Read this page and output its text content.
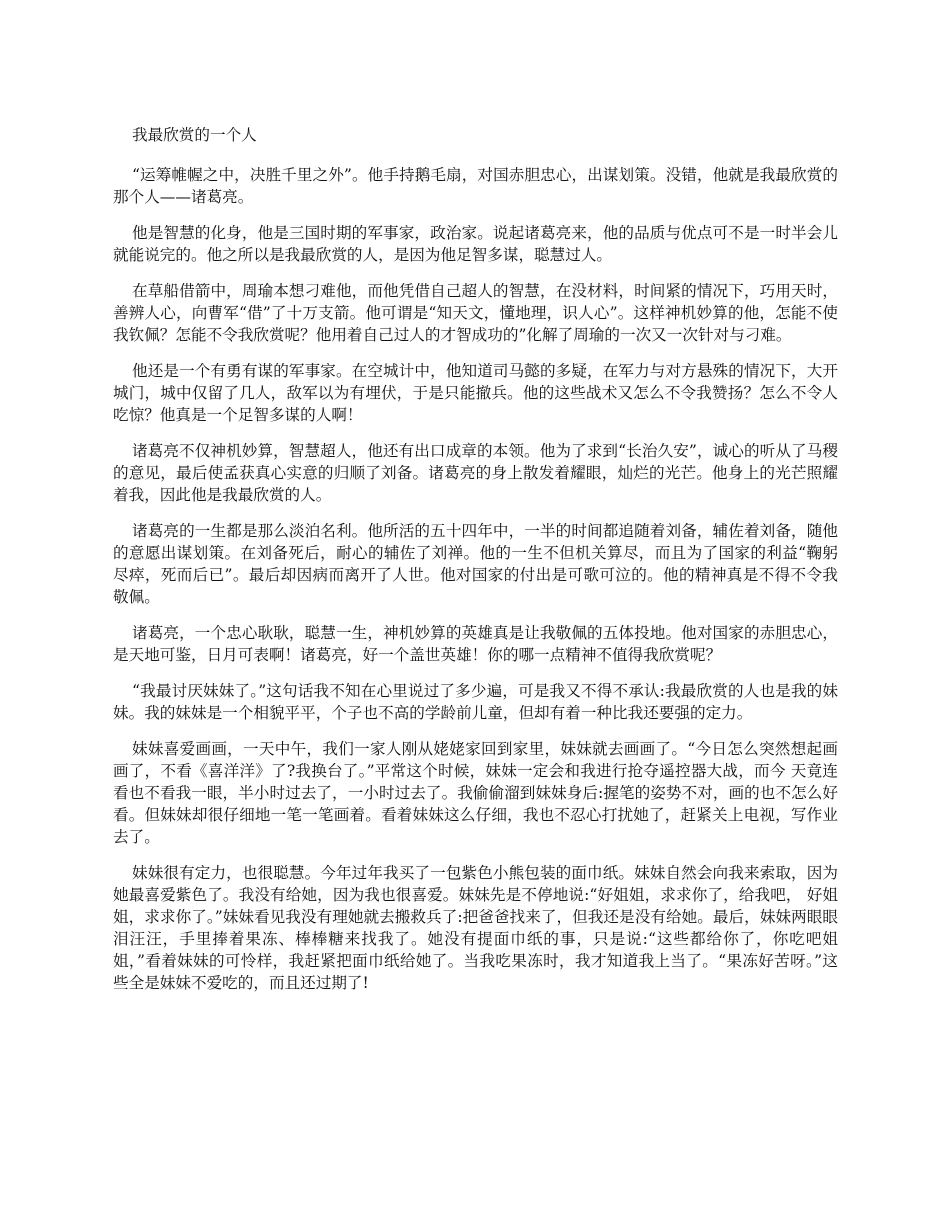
我最欣赏的一个人

“运筹帷幄之中，决胜千里之外”。他手持鹅毛扇，对国赤胆忠心，出谋划策。没错，他就是我最欣赏的那个人——诸葛亮。

他是智慧的化身，他是三国时期的军事家，政治家。说起诸葛亮来，他的品质与优点可不是一时半会儿就能说完的。他之所以是我最欣赏的人，是因为他足智多谋，聪慧过人。

在草船借箭中，周瑜本想刁难他，而他凭借自己超人的智慧，在没材料，时间紧的情况下，巧用天时，善辨人心，向曹军“借”了十万支箭。他可谓是“知天文，懂地理，识人心”。这样神机妙算的他，怎能不使我钦佩？怎能不令我欣赏呢？他用着自己过人的才智成功的”化解了周瑜的一次又一次针对与刁难。

他还是一个有勇有谋的军事家。在空城计中，他知道司马懿的多疑，在军力与对方悬殊的情况下，大开城门，城中仅留了几人，敌军以为有埋伏，于是只能撤兵。他的这些战术又怎么不令我赞扬？怎么不令人吃惊？他真是一个足智多谋的人啊！

诸葛亮不仅神机妙算，智慧超人，他还有出口成章的本领。他为了求到“长治久安”，诚心的听从了马稷的意见，最后使孟获真心实意的归顺了刘备。诸葛亮的身上散发着耀眼，灿烂的光芒。他身上的光芒照耀着我，因此他是我最欣赏的人。

诸葛亮的一生都是那么淡泊名利。他所活的五十四年中，一半的时间都追随着刘备，辅佐着刘备，随他的意愿出谋划策。在刘备死后，耐心的辅佐了刘禅。他的一生不但机关算尽，而且为了国家的利益“鞠躬尽瘁，死而后已”。最后却因病而离开了人世。他对国家的付出是可歌可泣的。他的精神真是不得不令我敬佩。

诸葛亮，一个忠心耿耿，聪慧一生，神机妙算的英雄真是让我敬佩的五体投地。他对国家的赤胆忠心，是天地可鉴，日月可表啊！诸葛亮，好一个盖世英雄！你的哪一点精神不值得我欣赏呢？

“我最讨厌妹妹了。”这句话我不知在心里说过了多少遍，可是我又不得不承认:我最欣赏的人也是我的妹妹。我的妹妹是一个相貌平平，个子也不高的学龄前儿童，但却有着一种比我还要强的定力。

妹妹喜爱画画，一天中午，我们一家人刚从姥姥家回到家里，妹妹就去画画了。“今日怎么突然想起画画了，不看《喜洋洋》了?我换台了。”平常这个时候，妹妹一定会和我进行抢夺遥控器大战，而今 天竟连看也不看我一眼，半小时过去了，一小时过去了。我偷偷溜到妹妹身后:握笔的姿势不对，画的也不怎么好看。但妹妹却很仔细地一笔一笔画着。看着妹妹这么仔细，我也不忍心打扰她了，赶紧关上电视，写作业去了。

妹妹很有定力，也很聪慧。今年过年我买了一包紫色小熊包装的面巾纸。妹妹自然会向我来索取，因为她最喜爱紫色了。我没有给她，因为我也很喜爱。妹妹先是不停地说:“好姐姐，求求你了，给我吧， 好姐姐，求求你了。”妹妹看见我没有理她就去搬救兵了:把爸爸找来了，但我还是没有给她。最后，妹妹两眼眼泪汪汪，手里捧着果冻、棒棒糖来找我了。她没有提面巾纸的事，只是说:“这些都给你了，你吃吧姐姐，”看着妹妹的可怜样，我赶紧把面巾纸给她了。当我吃果冻时，我才知道我上当了。“果冻好苦呀。”这些全是妹妹不爱吃的，而且还过期了!
